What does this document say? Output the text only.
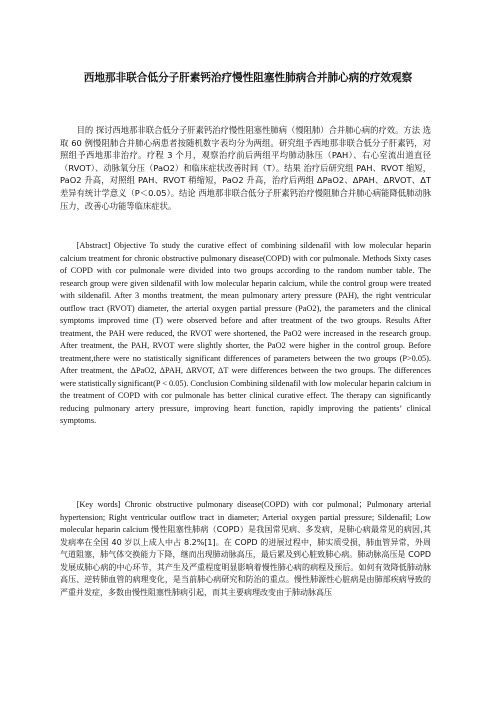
西地那非联合低分子肝素钙治疗慢性阻塞性肺病合并肺心病的疗效观察

目的 探讨西地那非联合低分子肝素钙治疗慢性阻塞性肺病（慢阻肺）合并肺心病的疗效。方法 选取 60 例慢阻肺合并肺心病患者按随机数字表均分为两组。研究组予西地那非联合低分子肝素钙，对照组予西地那非治疗。疗程 3 个月，观察治疗前后两组平均肺动脉压（PAH）、右心室流出道直径（RVOT）、动脉氧分压（PaO2）和临床症状改善时间（T）。结果 治疗后研究组 PAH、RVOT 缩短，PaO2 升高，对照组 PAH、RVOT 稍缩短，PaO2 升高，治疗后两组 ΔPaO2、ΔPAH、ΔRVOT、ΔT 差异有统计学意义（P＜0.05）。结论 西地那非联合低分子肝素钙治疗慢阻肺合并肺心病能降低肺动脉压力，改善心功能等临床症状。

[Abstract] Objective To study the curative effect of combining sildenafil with low molecular heparin calcium treatment for chronic obstructive pulmonary disease(COPD) with cor pulmonale. Methods Sixty cases of COPD with cor pulmonale were divided into two groups according to the random number table. The research group were given sildenafil with low molecular heparin calcium, while the control group were treated with sildenafil. After 3 months treatment, the mean pulmonary artery pressure (PAH), the right ventricular outflow tract (RVOT) diameter, the arterial oxygen partial pressure (PaO2), the parameters and the clinical symptoms improved time (T) were observed before and after treatment of the two groups. Results After treatment, the PAH were reduced, the RVOT were shortened, the PaO2 were increased in the research group. After treatment, the PAH, RVOT were slightly shorter, the PaO2 were higher in the control group. Before treatment,there were no statistically significant differences of parameters between the two groups (P>0.05). After treatment, the ΔPaO2, ΔPAH, ΔRVOT, ΔT were differences between the two groups. The differences were statistically significant(P < 0.05). Conclusion Combining sildenafil with low molecular heparin calcium in the treatment of COPD with cor pulmonale has better clinical curative effect. The therapy can significantly reducing pulmonary artery pressure, improving heart function, rapidly improving the patients’ clinical symptoms.

[Key words] Chronic obstructive pulmonary disease(COPD) with cor pulmonal；Pulmonary arterial hypertension; Right ventricular outflow tract in diameter; Arterial oxygen partial pressure; Sildenafil; Low molecular heparin calcium 慢性阻塞性肺病（COPD）是我国常见病、多发病，是肺心病最常见的病因,其发病率在全国 40 岁以上成人中占 8.2%[1]。在 COPD 的进展过程中，肺实质受损，肺血管异常，外周气道阻塞，肺气体交换能力下降，继而出现肺动脉高压，最后累及到心脏致肺心病。肺动脉高压是 COPD 发展成肺心病的中心环节，其产生及严重程度明显影响着慢性肺心病的病程及预后。如何有效降低肺动脉高压、逆转肺血管的病理变化，是当前肺心病研究和防治的重点。慢性肺源性心脏病是由肺部疾病导致的严重并发症，多数由慢性阻塞性肺病引起，而其主要病理改变由于肺动脉高压
